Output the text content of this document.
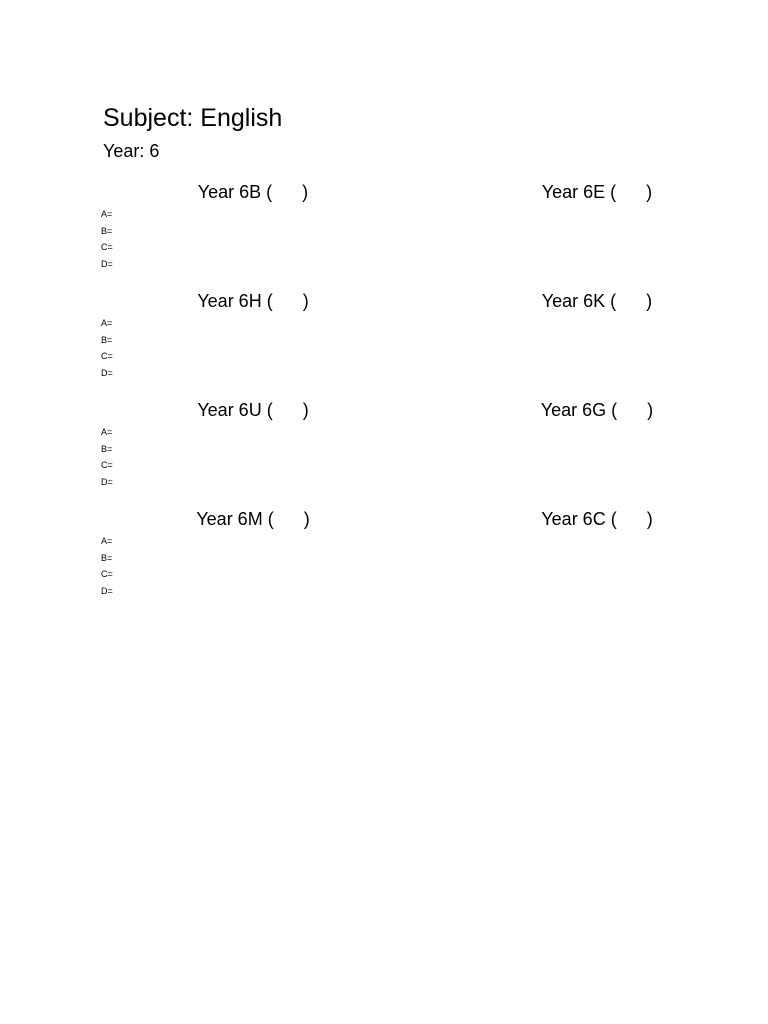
Subject: English
Year: 6
Year 6B (      )	Year 6E (      )
A=
B=
C=
D=
Year 6H (      )	Year 6K (      )
A=
B=
C=
D=
Year 6U (      )	Year 6G (      )
A=
B=
C=
D=
Year 6M (      )	Year 6C (      )
A=
B=
C=
D=
